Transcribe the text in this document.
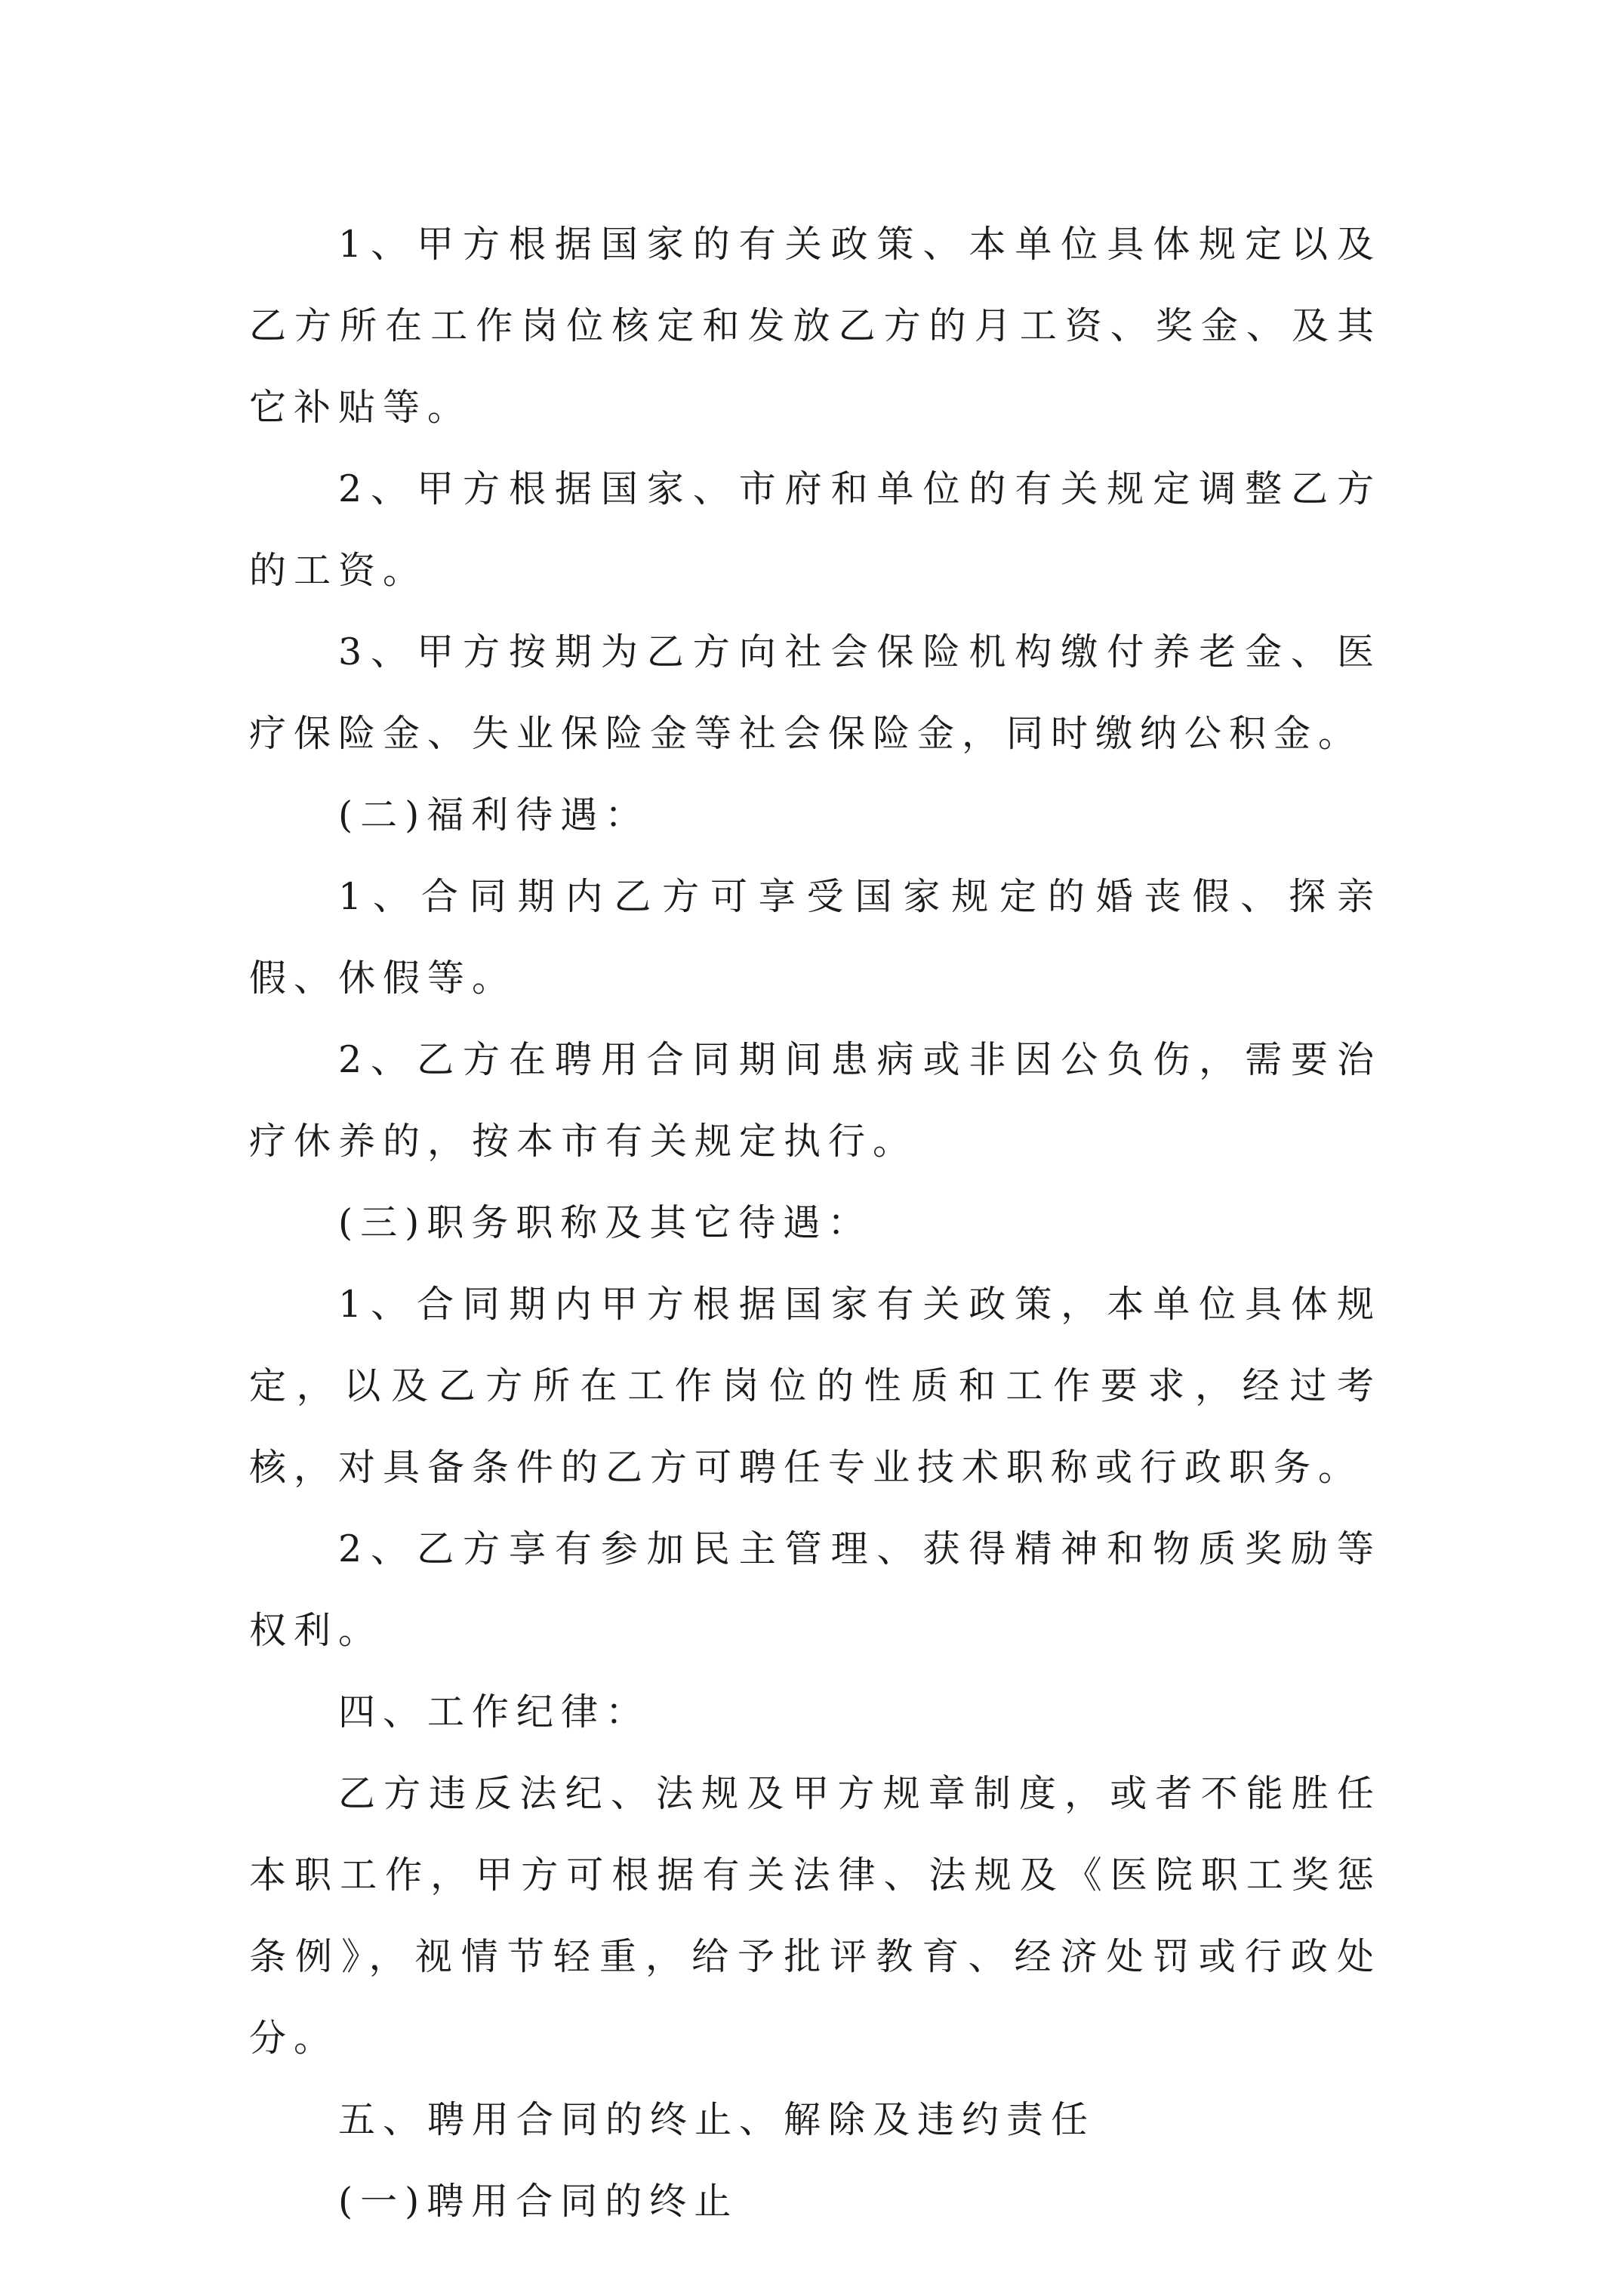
1、甲方根据国家的有关政策、本单位具体规定以及乙方所在工作岗位核定和发放乙方的月工资、奖金、及其它补贴等。

2、甲方根据国家、市府和单位的有关规定调整乙方的工资。

3、甲方按期为乙方向社会保险机构缴付养老金、医疗保险金、失业保险金等社会保险金，同时缴纳公积金。

(二)福利待遇：

1、合同期内乙方可享受国家规定的婚丧假、探亲假、休假等。

2、乙方在聘用合同期间患病或非因公负伤，需要治疗休养的，按本市有关规定执行。

(三)职务职称及其它待遇：

1、合同期内甲方根据国家有关政策，本单位具体规定，以及乙方所在工作岗位的性质和工作要求，经过考核，对具备条件的乙方可聘任专业技术职称或行政职务。

2、乙方享有参加民主管理、获得精神和物质奖励等权利。

四、工作纪律：

乙方违反法纪、法规及甲方规章制度，或者不能胜任本职工作，甲方可根据有关法律、法规及《医院职工奖惩条例》，视情节轻重，给予批评教育、经济处罚或行政处分。

五、聘用合同的终止、解除及违约责任

(一)聘用合同的终止
